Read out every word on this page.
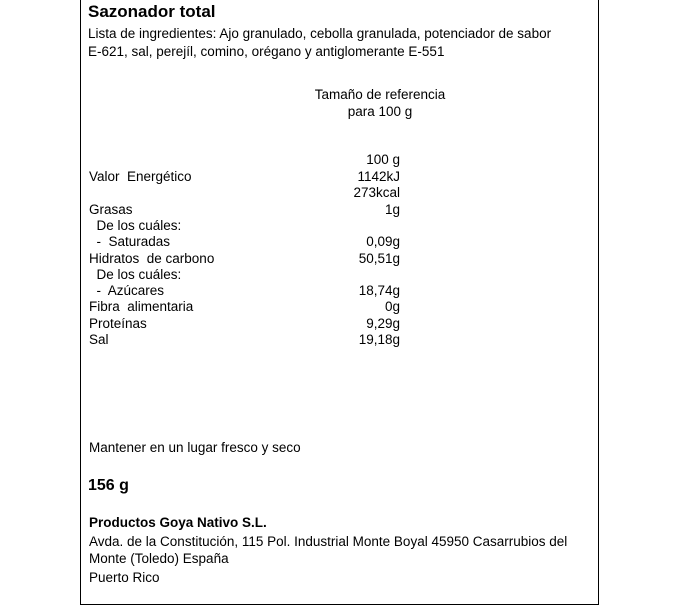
Sazonador total
Lista de ingredientes: Ajo granulado, cebolla granulada, potenciador de sabor
E-621, sal, perejíl, comino, orégano y antiglomerante E-551
Tamaño de referencia
para 100 g
100 g
Valor  Energético	1142kJ
273kcal
Grasas	1g
De los cuáles:
-  Saturadas	0,09g
Hidratos  de carbono	50,51g
De los cuáles:
-  Azúcares	18,74g
Fibra  alimentaria	0g
Proteínas	9,29g
Sal	19,18g
Mantener en un lugar fresco y seco
156 g
Productos Goya Nativo S.L.
Avda. de la Constitución, 115 Pol. Industrial Monte Boyal 45950 Casarrubios del
Monte (Toledo) España
Puerto Rico
